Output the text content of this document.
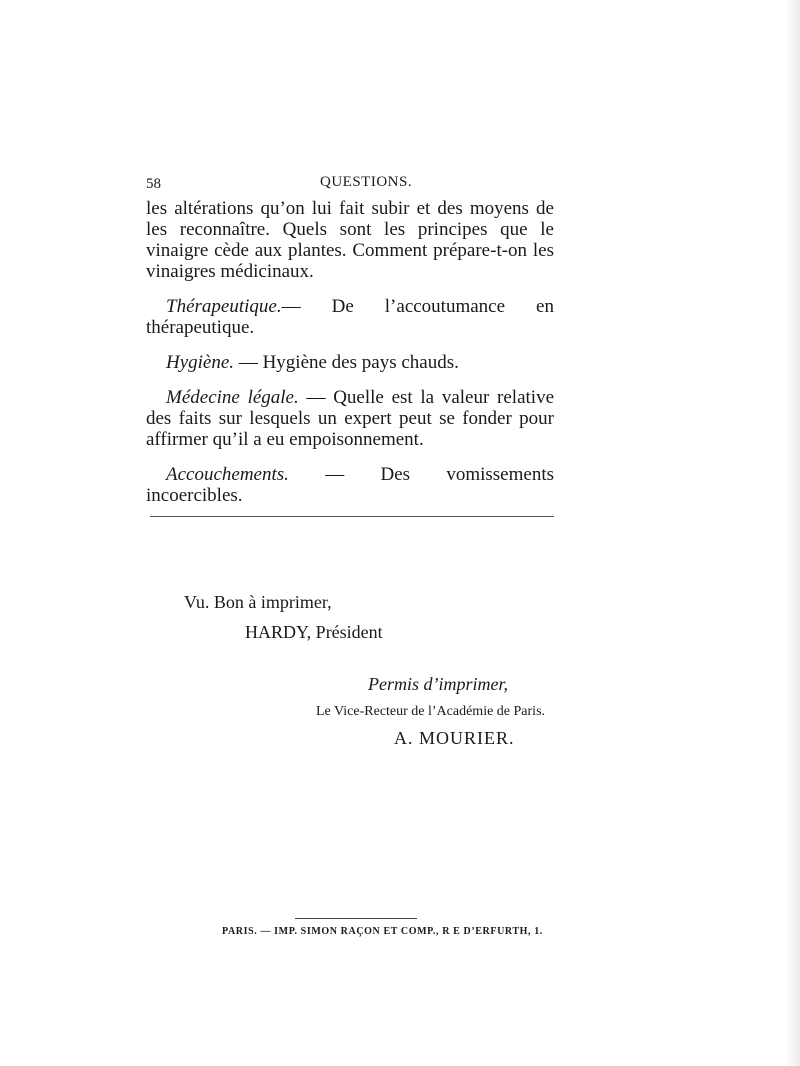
58	QUESTIONS.

les altérations qu’on lui fait subir et des moyens de les reconnaître. Quels sont les principes que le vinaigre cède aux plantes. Comment prépare-t-on les vinaigres médicinaux.

Thérapeutique.— De l’accoutumance en thérapeutique.

Hygiène. — Hygiène des pays chauds.

Médecine légale. — Quelle est la valeur relative des faits sur lesquels un expert peut se fonder pour affirmer qu’il a eu empoisonnement.

Accouchements. — Des vomissements incoercibles.

Vu. Bon à imprimer,
HARDY, Président
Permis d’imprimer,
Le Vice-Recteur de l’Académie de Paris.
A. MOURIER.
PARIS. — IMP. SIMON RAÇON ET COMP., R E D’ERFURTH, 1.
